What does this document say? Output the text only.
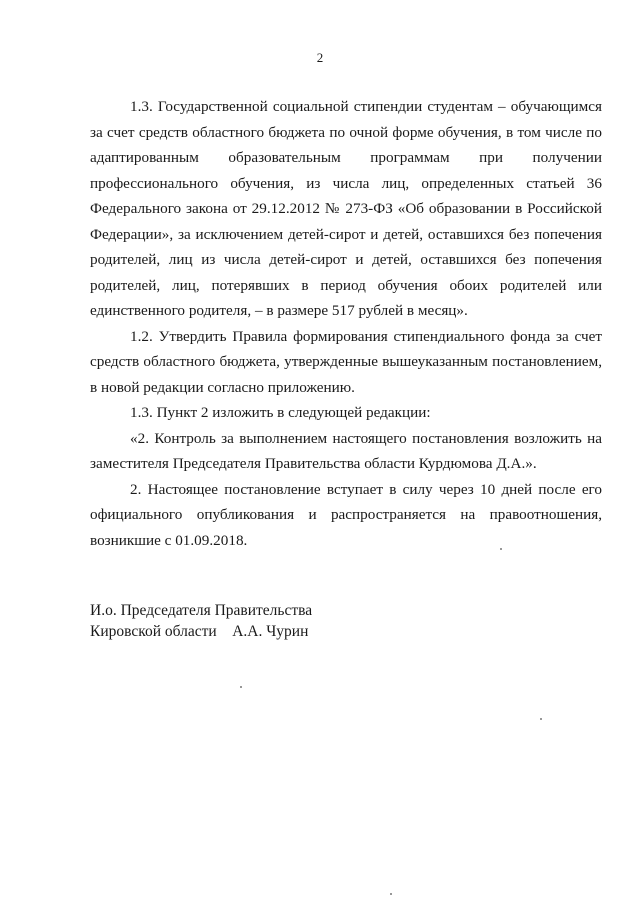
2

1.3. Государственной социальной стипендии студентам – обучающимся за счет средств областного бюджета по очной форме обучения, в том числе по адаптированным образовательным программам при получении профессионального обучения, из числа лиц, определенных статьей 36 Федерального закона от 29.12.2012 № 273-ФЗ «Об образовании в Российской Федерации», за исключением детей-сирот и детей, оставшихся без попечения родителей, лиц из числа детей-сирот и детей, оставшихся без попечения родителей, лиц, потерявших в период обучения обоих родителей или единственного родителя, – в размере 517 рублей в месяц».

1.2. Утвердить Правила формирования стипендиального фонда за счет средств областного бюджета, утвержденные вышеуказанным постановлением, в новой редакции согласно приложению.

1.3. Пункт 2 изложить в следующей редакции:

«2. Контроль за выполнением настоящего постановления возложить на заместителя Председателя Правительства области Курдюмова Д.А.».

2. Настоящее постановление вступает в силу через 10 дней после его официального опубликования и распространяется на правоотношения, возникшие с 01.09.2018.

И.о. Председателя Правительства
Кировской области    А.А. Чурин
